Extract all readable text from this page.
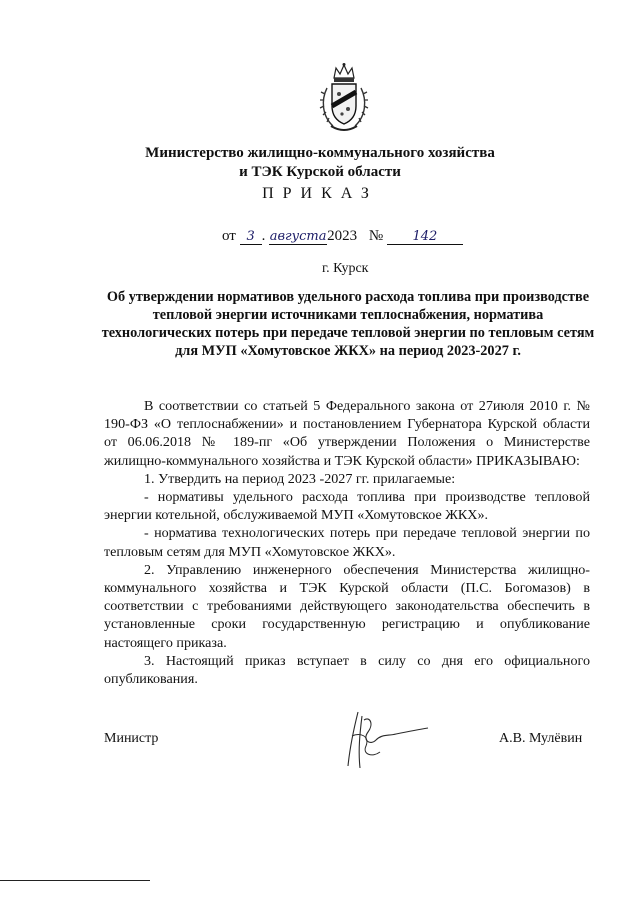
Министерство жилищно-коммунального хозяйства
и ТЭК Курской области
ПРИКАЗ
от 3 . августа2023 № 142
г. Курск
Об утверждении нормативов удельного расхода топлива при производстве тепловой энергии источниками теплоснабжения, норматива технологических потерь при передаче тепловой энергии по тепловым сетям для МУП «Хомутовское ЖКХ» на период 2023-2027 г.

В соответствии со статьей 5 Федерального закона от 27июля 2010 г. № 190-ФЗ «О теплоснабжении» и постановлением Губернатора Курской области от 06.06.2018 № 189-пг «Об утверждении Положения о Министерстве жилищно-коммунального хозяйства и ТЭК Курской области» ПРИКАЗЫВАЮ:

1. Утвердить на период 2023 -2027 гг. прилагаемые:

- нормативы удельного расхода топлива при производстве тепловой энергии котельной, обслуживаемой МУП «Хомутовское ЖКХ».

- норматива технологических потерь при передаче тепловой энергии по тепловым сетям для МУП «Хомутовское ЖКХ».

2. Управлению инженерного обеспечения Министерства жилищно-коммунального хозяйства и ТЭК Курской области (П.С. Богомазов) в соответствии с требованиями действующего законодательства обеспечить в установленные сроки государственную регистрацию и опубликование настоящего приказа.

3. Настоящий приказ вступает в силу со дня его официального опубликования.

Министр	А.В. Мулёвин
